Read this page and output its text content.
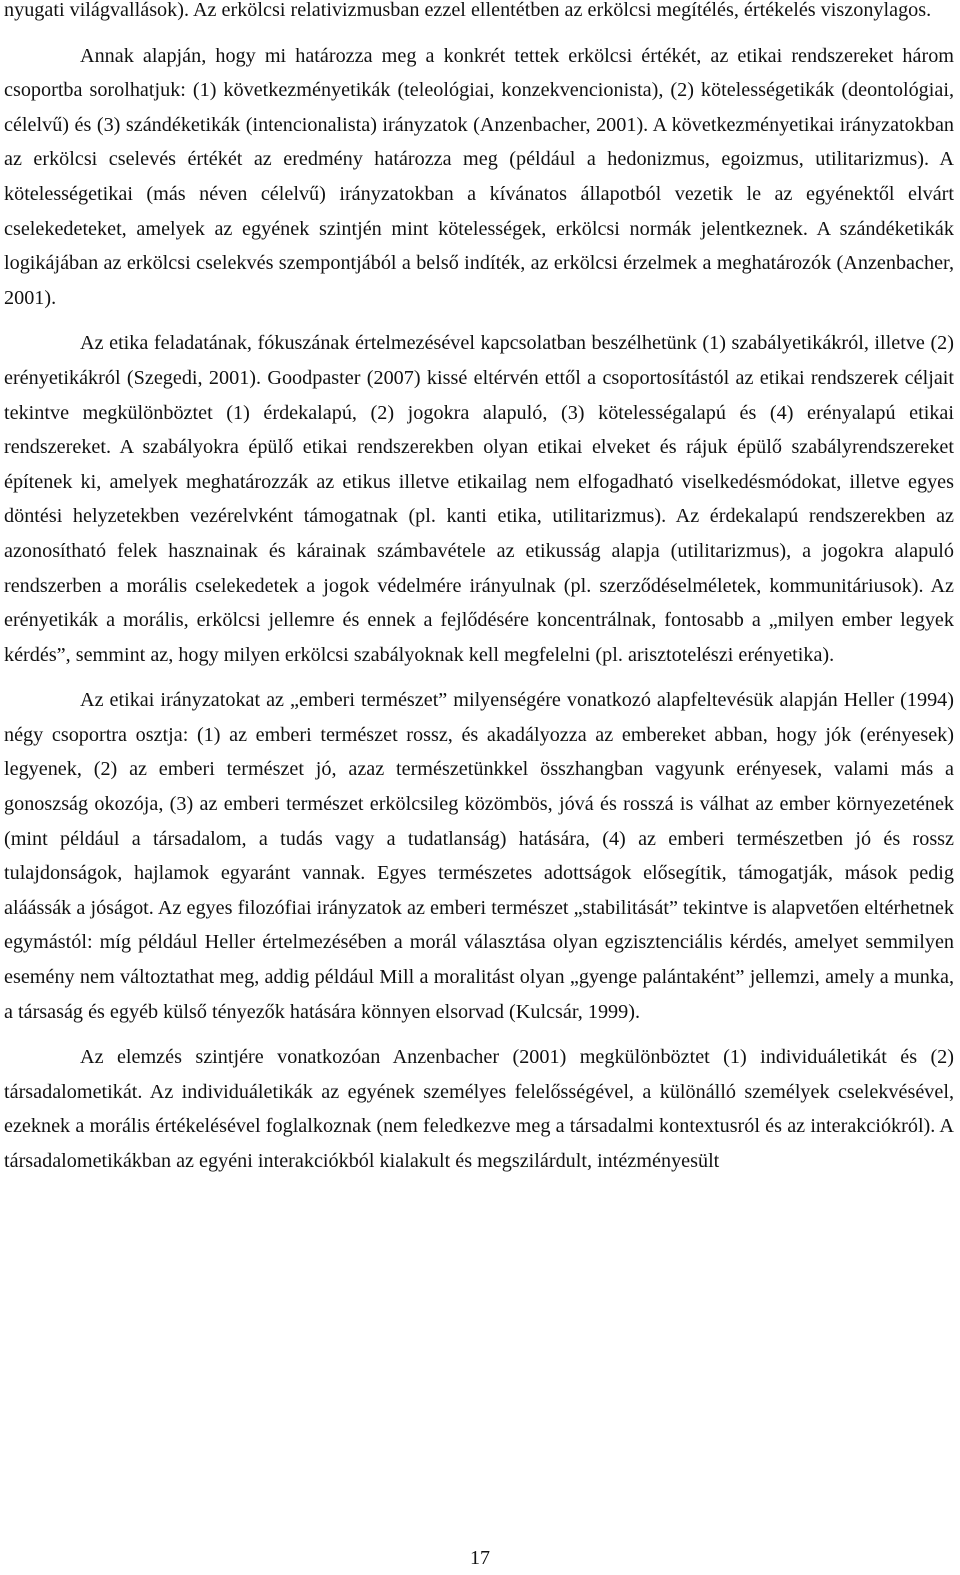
nyugati világvallások). Az erkölcsi relativizmusban ezzel ellentétben az erkölcsi megítélés, értékelés viszonylagos.

Annak alapján, hogy mi határozza meg a konkrét tettek erkölcsi értékét, az etikai rendszereket három csoportba sorolhatjuk: (1) következményetikák (teleológiai, konzekvencionista), (2) kötelességetikák (deontológiai, célelvű) és (3) szándéketikák (intencionalista) irányzatok (Anzenbacher, 2001). A következményetikai irányzatokban az erkölcsi cselevés értékét az eredmény határozza meg (például a hedonizmus, egoizmus, utilitarizmus). A kötelességetikai (más néven célelvű) irányzatokban a kívánatos állapotból vezetik le az egyénektől elvárt cselekedeteket, amelyek az egyének szintjén mint kötelességek, erkölcsi normák jelentkeznek. A szándéketikák logikájában az erkölcsi cselekvés szempontjából a belső indíték, az erkölcsi érzelmek a meghatározók (Anzenbacher, 2001).

Az etika feladatának, fókuszának értelmezésével kapcsolatban beszélhetünk (1) szabályetikákról, illetve (2) erényetikákról (Szegedi, 2001). Goodpaster (2007) kissé eltérvén ettől a csoportosítástól az etikai rendszerek céljait tekintve megkülönböztet (1) érdekalapú, (2) jogokra alapuló, (3) kötelességalapú és (4) erényalapú etikai rendszereket. A szabályokra épülő etikai rendszerekben olyan etikai elveket és rájuk épülő szabályrendszereket építenek ki, amelyek meghatározzák az etikus illetve etikailag nem elfogadható viselkedésmódokat, illetve egyes döntési helyzetekben vezérelvként támogatnak (pl. kanti etika, utilitarizmus). Az érdekalapú rendszerekben az azonosítható felek hasznainak és kárainak számbavétele az etikusság alapja (utilitarizmus), a jogokra alapuló rendszerben a morális cselekedetek a jogok védelmére irányulnak (pl. szerződéselméletek, kommunitáriusok). Az erényetikák a morális, erkölcsi jellemre és ennek a fejlődésére koncentrálnak, fontosabb a „milyen ember legyek kérdés”, semmint az, hogy milyen erkölcsi szabályoknak kell megfelelni (pl. arisztotelészi erényetika).

Az etikai irányzatokat az „emberi természet” milyenségére vonatkozó alapfeltevésük alapján Heller (1994) négy csoportra osztja: (1) az emberi természet rossz, és akadályozza az embereket abban, hogy jók (erényesek) legyenek, (2) az emberi természet jó, azaz természetünkkel összhangban vagyunk erényesek, valami más a gonoszság okozója, (3) az emberi természet erkölcsileg közömbös, jóvá és rosszá is válhat az ember környezetének (mint például a társadalom, a tudás vagy a tudatlanság) hatására, (4) az emberi természetben jó és rossz tulajdonságok, hajlamok egyaránt vannak. Egyes természetes adottságok elősegítik, támogatják, mások pedig aláássák a jóságot. Az egyes filozófiai irányzatok az emberi természet „stabilitását” tekintve is alapvetően eltérhetnek egymástól: míg például Heller értelmezésében a morál választása olyan egzisztenciális kérdés, amelyet semmilyen esemény nem változtathat meg, addig például Mill a moralitást olyan „gyenge palántaként” jellemzi, amely a munka, a társaság és egyéb külső tényezők hatására könnyen elsorvad (Kulcsár, 1999).

Az elemzés szintjére vonatkozóan Anzenbacher (2001) megkülönböztet (1) individuáletikát és (2) társadalometikát. Az individuáletikák az egyének személyes felelősségével, a különálló személyek cselekvésével, ezeknek a morális értékelésével foglalkoznak (nem feledkezve meg a társadalmi kontextusról és az interakciókról). A társadalometikákban az egyéni interakciókból kialakult és megszilárdult, intézményesült

17
